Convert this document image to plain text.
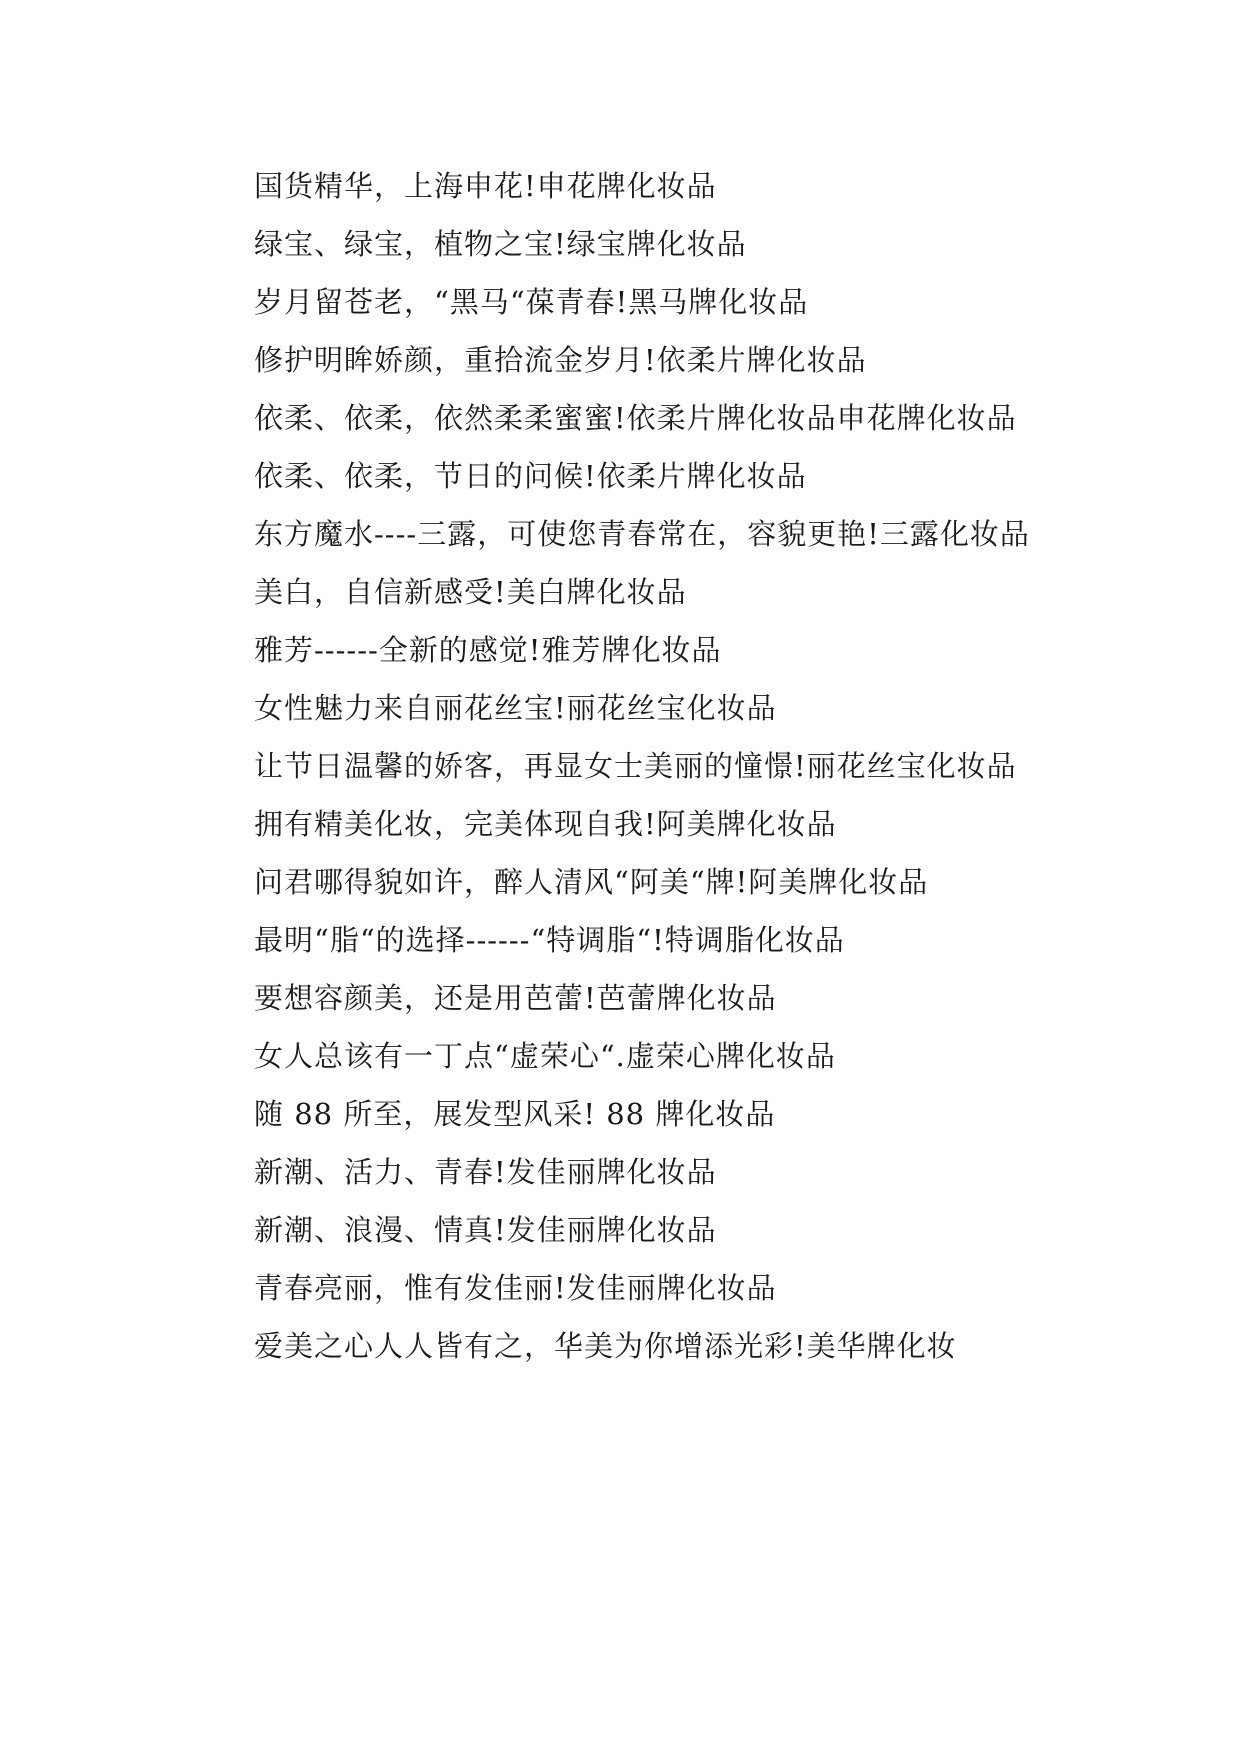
国货精华，上海申花!申花牌化妆品

绿宝、绿宝，植物之宝!绿宝牌化妆品

岁月留苍老，“黑马“葆青春!黑马牌化妆品

修护明眸娇颜，重拾流金岁月!依柔片牌化妆品

依柔、依柔，依然柔柔蜜蜜!依柔片牌化妆品申花牌化妆品

依柔、依柔，节日的问候!依柔片牌化妆品

东方魔水----三露，可使您青春常在，容貌更艳!三露化妆品

美白，自信新感受!美白牌化妆品

雅芳------全新的感觉!雅芳牌化妆品

女性魅力来自丽花丝宝!丽花丝宝化妆品

让节日温馨的娇客，再显女士美丽的憧憬!丽花丝宝化妆品

拥有精美化妆，完美体现自我!阿美牌化妆品

问君哪得貌如许，醉人清风“阿美“牌!阿美牌化妆品

最明“脂“的选择------“特调脂“!特调脂化妆品

要想容颜美，还是用芭蕾!芭蕾牌化妆品

女人总该有一丁点“虚荣心“.虚荣心牌化妆品

随 88 所至，展发型风采! 88 牌化妆品

新潮、活力、青春!发佳丽牌化妆品

新潮、浪漫、情真!发佳丽牌化妆品

青春亮丽，惟有发佳丽!发佳丽牌化妆品

爱美之心人人皆有之，华美为你增添光彩!美华牌化妆
